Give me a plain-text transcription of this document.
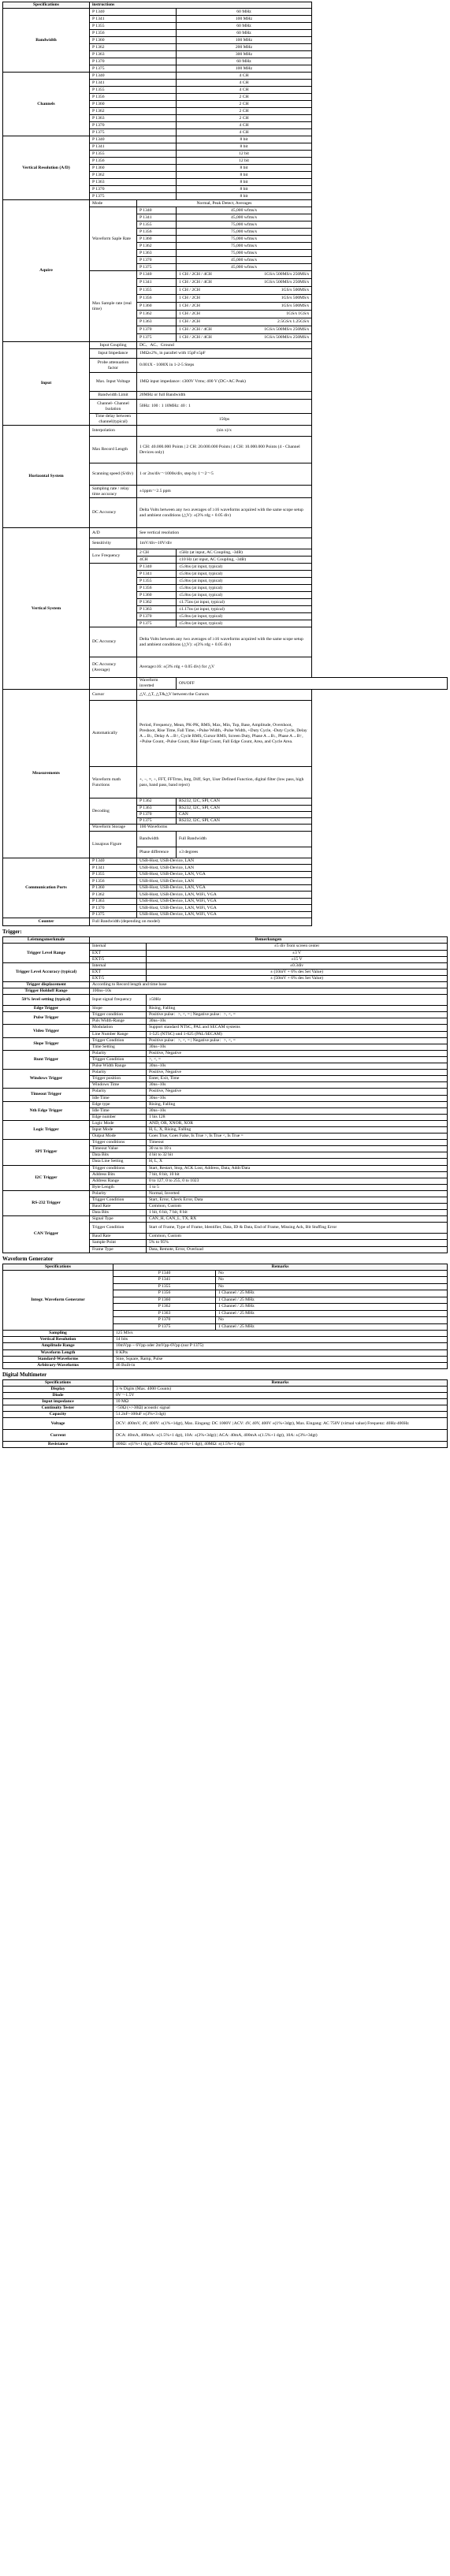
Specifications	instructions		
Bandwidth	P 1340		60 MHz
	P 1341		100 MHz
	P 1355		60 MHz
	P 1356		60 MHz
	P 1360		100 MHz
	P 1362		200 MHz
	P 1363		300 MHz
	P 1370		60 MHz
	P 1375		100 MHz
Channels	P 1340		4 CH
	P 1341		4 CH
	P 1355		4 CH
	P 1356		2 CH
	P 1360		2 CH
	P 1362		2 CH
	P 1363		2 CH
	P 1370		4 CH
	P 1375		4 CH
Vertical Resolution (A/D)	P 1340		8 bit
	P 1341		8 bit
	P 1355		12 bit
	P 1356		12 bit
	P 1360		8 bit
	P 1362		8 bit
	P 1363		8 bit
	P 1370		8 bit
	P 1375		8 bit
Aquire	Mode	Normal, Peak Detect, Averages	
	Waveform Saple Rate	P 1340	45,000 wfms/s
		P 1341	45,000 wfms/s
		P 1355	75,000 wfms/s
		P 1356	75,000 wfms/s
		P 1360	75,000 wfms/s
		P 1362	75,000 wfms/s
		P 1363	75,000 wfms/s
		P 1370	45,000 wfms/s
		P 1375	45,000 wfms/s
	Max Sample rate (real time)	P 1340	1 CH / 2CH / 4CH 1GS/s 500MS/s 250MS/s

		P 1341	1 CH / 2CH / 4CH 1GS/s 500MS/s 250MS/s

		P 1355	1 CH / 2CH 1GS/s 500MS/s

		P 1356	1 CH / 2CH 1GS/s 500MS/s

		P 1360	1 CH / 2CH 1GS/s 500MS/s

		P 1362	1 CH / 2CH 1GS/s 1GS/s

		P 1363	1 CH / 2CH 2.5GS/s 1.25GS/s

		P 1370	1 CH / 2CH / 4CH 1GS/s 500MS/s 250MS/s

		P 1375	1 CH / 2CH / 4CH 1GS/s 500MS/s 250MS/s

Input	Input Coupling	DC、AC、Ground	
	Input Impedance	1MΩ±2%, in parallel with 15pF±5pF	
	Probe attenuation factor	0.001X - 1000X in 1-2-5 Steps	
	Max. Input Voltage	1MΩ input impedance: ≤300V Vrms; 400 V (DC+AC Peak)	
	Bandwidth Limit	20MHz or full Bandwidth	
	Channel- Channel Isolation	50Hz: 100 : 1 10MHz: 40 : 1	
	Time delay between channel(typical)	150ps	
Horizontal System	Interpolation	(sin x)/x	
	Max Record Length	1 CH: 40.000.000 Points | 2 CH: 20.000.000 Points | 4 CH: 10.000.000 Points (4 - Channel Devices only)	
	Scanning speed (S/div)	1 or 2ns/div～1000s/div, step by 1～2～5	
	Sampling rate / relay time accuracy	±1ppm～2.5 ppm	
	DC Accuracy	Delta Volts between any two averages of ≥16 waveforms acquired with the same scope setup and ambient conditions (△V): ±(3% rdg + 0.05 div)	
Vertical System	A/D	See vertical resolution	
	Sensitivity	1mV/div~10V/div	
	Low Frequency	2 CH	≤5Hz (at input, AC Coupling, -3dB)
		4CH	≤10 Hz (at input, AC Coupling, -3dB)
		P 1340	≤5.8ns (at input, typical)
		P 1341	≤5.8ns (at input, typical)
		P 1355	≤5.8ns (at input, typical)
		P 1356	≤5.8ns (at input, typical)
		P 1360	≤5.8ns (at input, typical)
		P 1362	≤1.75ns (at input, typical)
		P 1363	≤1.17ns (at input, typical)
		P 1370	≤5.8ns (at input, typical)
		P 1375	≤5.8ns (at input, typical)
	DC Accuracy	Delta Volts between any two averages of ≥16 waveforms acquired with the same scope setup and ambient conditions (△V): ±(3% rdg + 0.05 div)	
	DC Accuracy (Average)	Average≥16: ±(3% rdg + 0.05 div) for △V	
		Waveform inverted	ON/OFF
Measurements	Cursor	△V, △T, △T&△V between the Cursors	
	Automatically	Period, Frequency, Mean, PK-PK, RMS, Max, Min, Top, Base, Amplitude, Overshoot, Preshoot, Rise Time, Fall Time, +Pulse Width, -Pulse Width, +Duty Cycle, -Duty Cycle, Delay A→B↓, Delay A→B↑, Cycle RMS, Cursor RMS, Screen Duty, Phase A→B↓, Phase A→B↑, +Pulse Count, -Pulse Count, Rise Edge Count, Fall Edge Count, Area, and Cycle Area.	
	Waveform math Functions	+, −, ×, ÷, FFT, FFTrms, Intg, Diff, Sqrt, User Defined Function, digital filter (low pass, high pass, band pass, band reject)	
	Decoding	P 1362	RS232, I2C, SPI, CAN
		P 1363	RS232, I2C, SPI, CAN
		P 1370	CAN
		P 1375	RS232, I2C, SPI, CAN
	Waveform Storage	100 Waveforms	
	Lissajous Figure	Bandwidth	Full Bandwidth
		Phase difference	±3 degrees
Communication Ports	P 1340	USB-Host, USB-Device, LAN	
	P 1341	USB-Host, USB-Device, LAN	
	P 1355	USB-Host, USB-Device, LAN, VGA	
	P 1356	USB-Host, USB-Device, LAN	
	P 1360	USB-Host, USB-Device, LAN, VGA	
	P 1362	USB-Host, USB-Device, LAN, WiFi, VGA	
	P 1363	USB-Host, USB-Device, LAN, WiFi, VGA	
	P 1370	USB-Host, USB-Device, LAN, WiFi, VGA	
	P 1375	USB-Host, USB-Device, LAN, WiFi, VGA	
Counter	Full Bandwidth (depending on model)		
Trigger:
Leistungsmerkmale	Bemerkungen	
Trigger Level Range	Internal	±5 div from screen center
	EXT	±3 V
	EXT/5	±15 V
Trigger Level Accuracy (typical)	Internal	±0.3div
	EXT	± (10mV + 6% des Set Value)
	EXT/5	± (50mV + 6% des Set Value)
Trigger displacement	According to Record length and time base	
Trigger Holdoff Range	100ns~10s	
50% level setting (typical)	Input signal frequency	≥50Hz
Edge Trigger	Slope	Rising, Falling
Pulse Trigger	Trigger condition	Positive pulse：>, <, = | Negative pulse：>, <, =
	Puls Width-Range	30ns~10s
Video Trigger	Modulation	Support standard NTSC, PAL and SECAM systems
	Line Number Range	1-525 (NTSC) und 1-625 (PAL/SECAM)
Slope Trigger	Trigger Condition	Positive pulse：>, <, = | Negative pulse：>, <, =
	Time Setting	30ns~10s
Runt Trigger	Polarity	Positive, Negative
	Trigger Condition	>, <, =
	Pulse Width Range	30ns~10s
Windows Trigger	Polarity	Positive, Negative
	Trigger position	Enter, Exit, Time
	Windows Time	30ns~10s
Timeout Trigger	Polarity	Positive, Negative
	Idle Time	30ns~10s
Nth Edge Trigger	Edge type	Rising, Falling
	Idle Time	30ns~10s
	Edge number	1 bis 128
Logic Trigger	Logic Mode	AND, OR, XNOR, XOR
	Input Mode	H, L, X, Rising, Falling
	Output Mode	Goes True, Goes False, Is True >, Is True <, Is True =
SPI Trigger	Trigger conditions	Timeout
	Timeout Value	30 ns to 10 s
	Data Bits	4 bit to 32 bit
	Data Line Setting	H, L, X
I2C Trigger	Trigger conditions	Start, Restart, Stop, ACK Lost, Address, Data, Addr/Data
	Address Bits	7 bit, 8 bit, 10 bit
	Address Range	0 to 127, 0 to 255, 0 to 1023
	Byte Length	1 to 5
RS-232 Trigger	Polarity	Normal, Inverted
	Trigger Condition	Start, Error, Check Error, Data
	Baud Rate	Common, Custom
	Data Bits	1 bit, 6 bit, 7 bit, 8 bit
CAN Trigger	Signal Type	CAN_H, CAN_L, TX, RX
	Trigger Condition	Start of Frame, Type of Frame, Identifier, Data, ID & Data, End of Frame, Missing Ack, Bit Stuffing Error
	Baud Rate	Common, Custom
	Sample Point	5% to 95%
	Frame Type	Data, Remote, Error, Overload
Waveform Generator
Specifications	Remarks	
Integr. Waveform Generator	P 1340	No
	P 1341	No
	P 1355	No
	P 1356	1 Channel / 25 MHz
	P 1360	1 Channel / 25 MHz
	P 1362	1 Channel / 25 MHz
	P 1363	1 Channel / 25 MHz
	P 1370	No
	P 1375	1 Channel / 25 MHz
Sampling	125 MS/s	
Vertical Resolution	14 bits	
Amplitude Range	10mVpp ~ 6Vpp oder 2mVpp-6Vpp (nur P 1375)	
Waveform Length	8 KPts	
Standard-Waveforms	Sine, Square, Ramp, Pulse	
Arbitrary-Waveforms	46 Built-in	
Digital Multimeter
Specifications	Remarks
Display	3 ¾ Digits (Max. 4000 Counts)
Diode	0V～1.5V
Input impedance	10 MΩ
Continuity Tester	<50Ω (+/-30Ω) acoustic signal
Capacity	51.2nF~100uF ±(3%+3 dgt)
Voltage	DCV: 400mV, 4V, 400V: ±(1%+1dgt), Max. Eingang: DC 1000V | ACV: 4V, 40V, 400V ±(1%+3dgt), Max. Eingang: AC 750V (virtual value) Frequenz: 40Hz-400Hz
Current	DCA: 40mA, 400mA: ±(1.5%+1 dgt), 10A: ±(3%+3dgt) | ACA: 40mA, 400mA ±(1.5%+1 dgt), 10A: ±(3%+3dgt)
Resistance	400Ω: ±(1%+1 dgt), 4KΩ~400KΩ: ±(1%+1 dgt), 40MΩ: ±(1.5%+1 dgt)
